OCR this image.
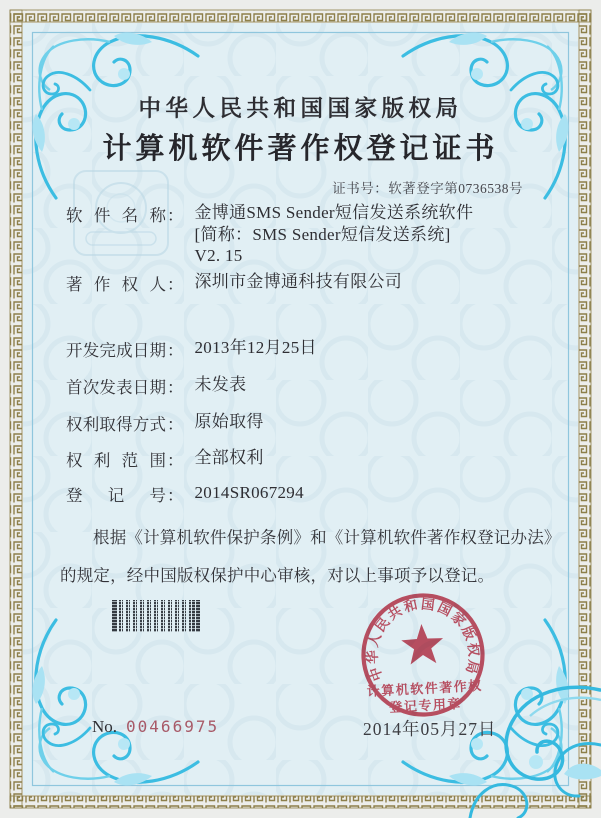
中华人民共和国国家版权局
计算机软件著作权登记证书
证书号：软著登字第0736538号
软件名称 ： 金博通SMS Sender短信发送系统软件
[简称：SMS Sender短信发送系统]
V2. 15
著作权人 ： 深圳市金博通科技有限公司
开发完成日期 ： 2013年12月25日
首次发表日期 ： 未发表
权利取得方式 ： 原始取得
权利范围 ： 全部权利
登记号 ： 2014SR067294
根据《计算机软件保护条例》和《计算机软件著作权登记办法》的规定，经中国版权保护中心审核，对以上事项予以登记。
2014年05月27日
No. 00466975
中华人民共和国国家版权局
计算机软件著作权
登记专用章
